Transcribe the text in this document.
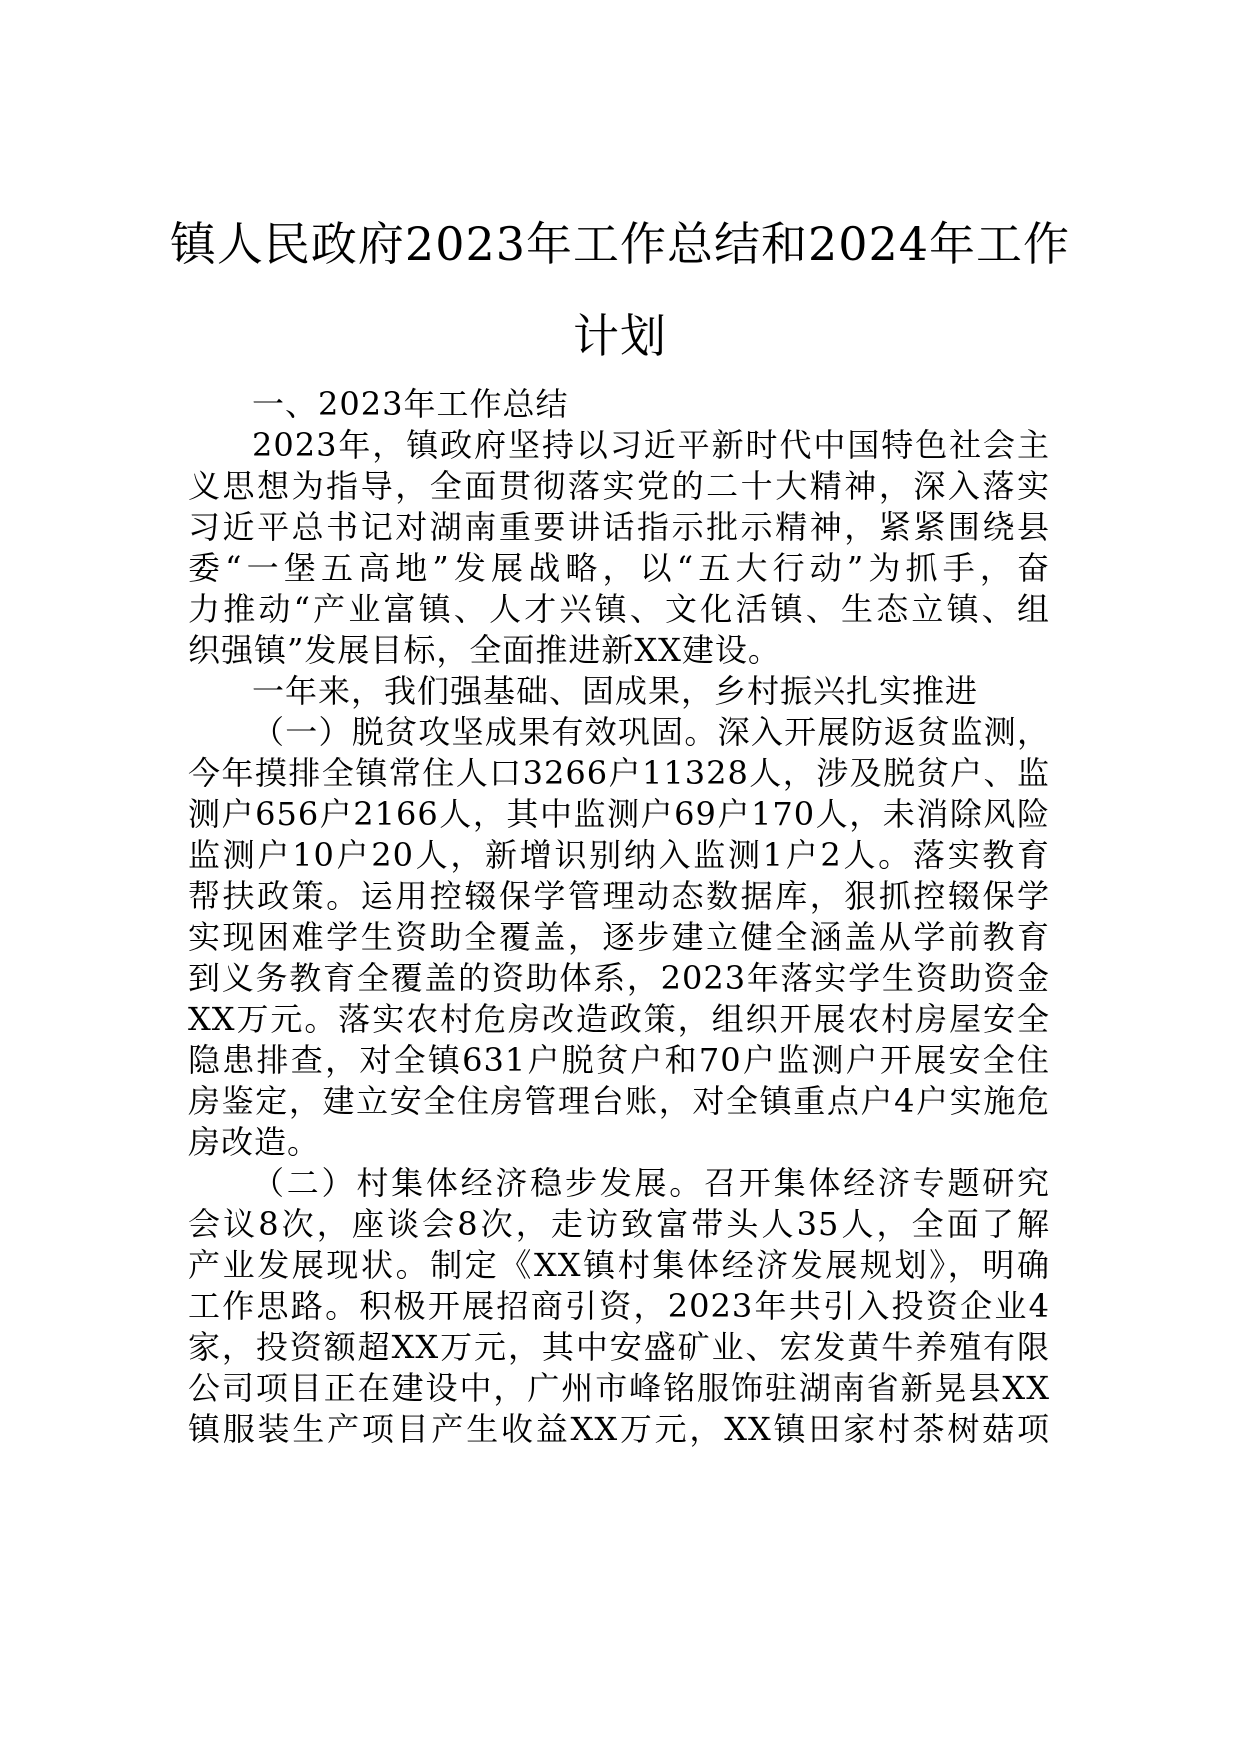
镇人民政府2023年工作总结和2024年工作
计划
一、2023年工作总结
2023年，镇政府坚持以习近平新时代中国特色社会主
义思想为指导，全面贯彻落实党的二十大精神，深入落实
习近平总书记对湖南重要讲话指示批示精神，紧紧围绕县
委“一堡五高地”发展战略，以“五大行动”为抓手，奋
力推动“产业富镇、人才兴镇、文化活镇、生态立镇、组
织强镇”发展目标，全面推进新XX建设。
一年来，我们强基础、固成果，乡村振兴扎实推进
（一）脱贫攻坚成果有效巩固。深入开展防返贫监测，
今年摸排全镇常住人口3266户11328人，涉及脱贫户、监
测户656户2166人，其中监测户69户170人，未消除风险
监测户10户20人，新增识别纳入监测1户2人。落实教育
帮扶政策。运用控辍保学管理动态数据库，狠抓控辍保学
实现困难学生资助全覆盖，逐步建立健全涵盖从学前教育
到义务教育全覆盖的资助体系，2023年落实学生资助资金
XX万元。落实农村危房改造政策，组织开展农村房屋安全
隐患排查，对全镇631户脱贫户和70户监测户开展安全住
房鉴定，建立安全住房管理台账，对全镇重点户4户实施危
房改造。
（二）村集体经济稳步发展。召开集体经济专题研究
会议8次，座谈会8次，走访致富带头人35人，全面了解
产业发展现状。制定《XX镇村集体经济发展规划》，明确
工作思路。积极开展招商引资，2023年共引入投资企业4
家，投资额超XX万元，其中安盛矿业、宏发黄牛养殖有限
公司项目正在建设中，广州市峰铭服饰驻湖南省新晃县XX
镇服装生产项目产生收益XX万元，XX镇田家村茶树菇项
